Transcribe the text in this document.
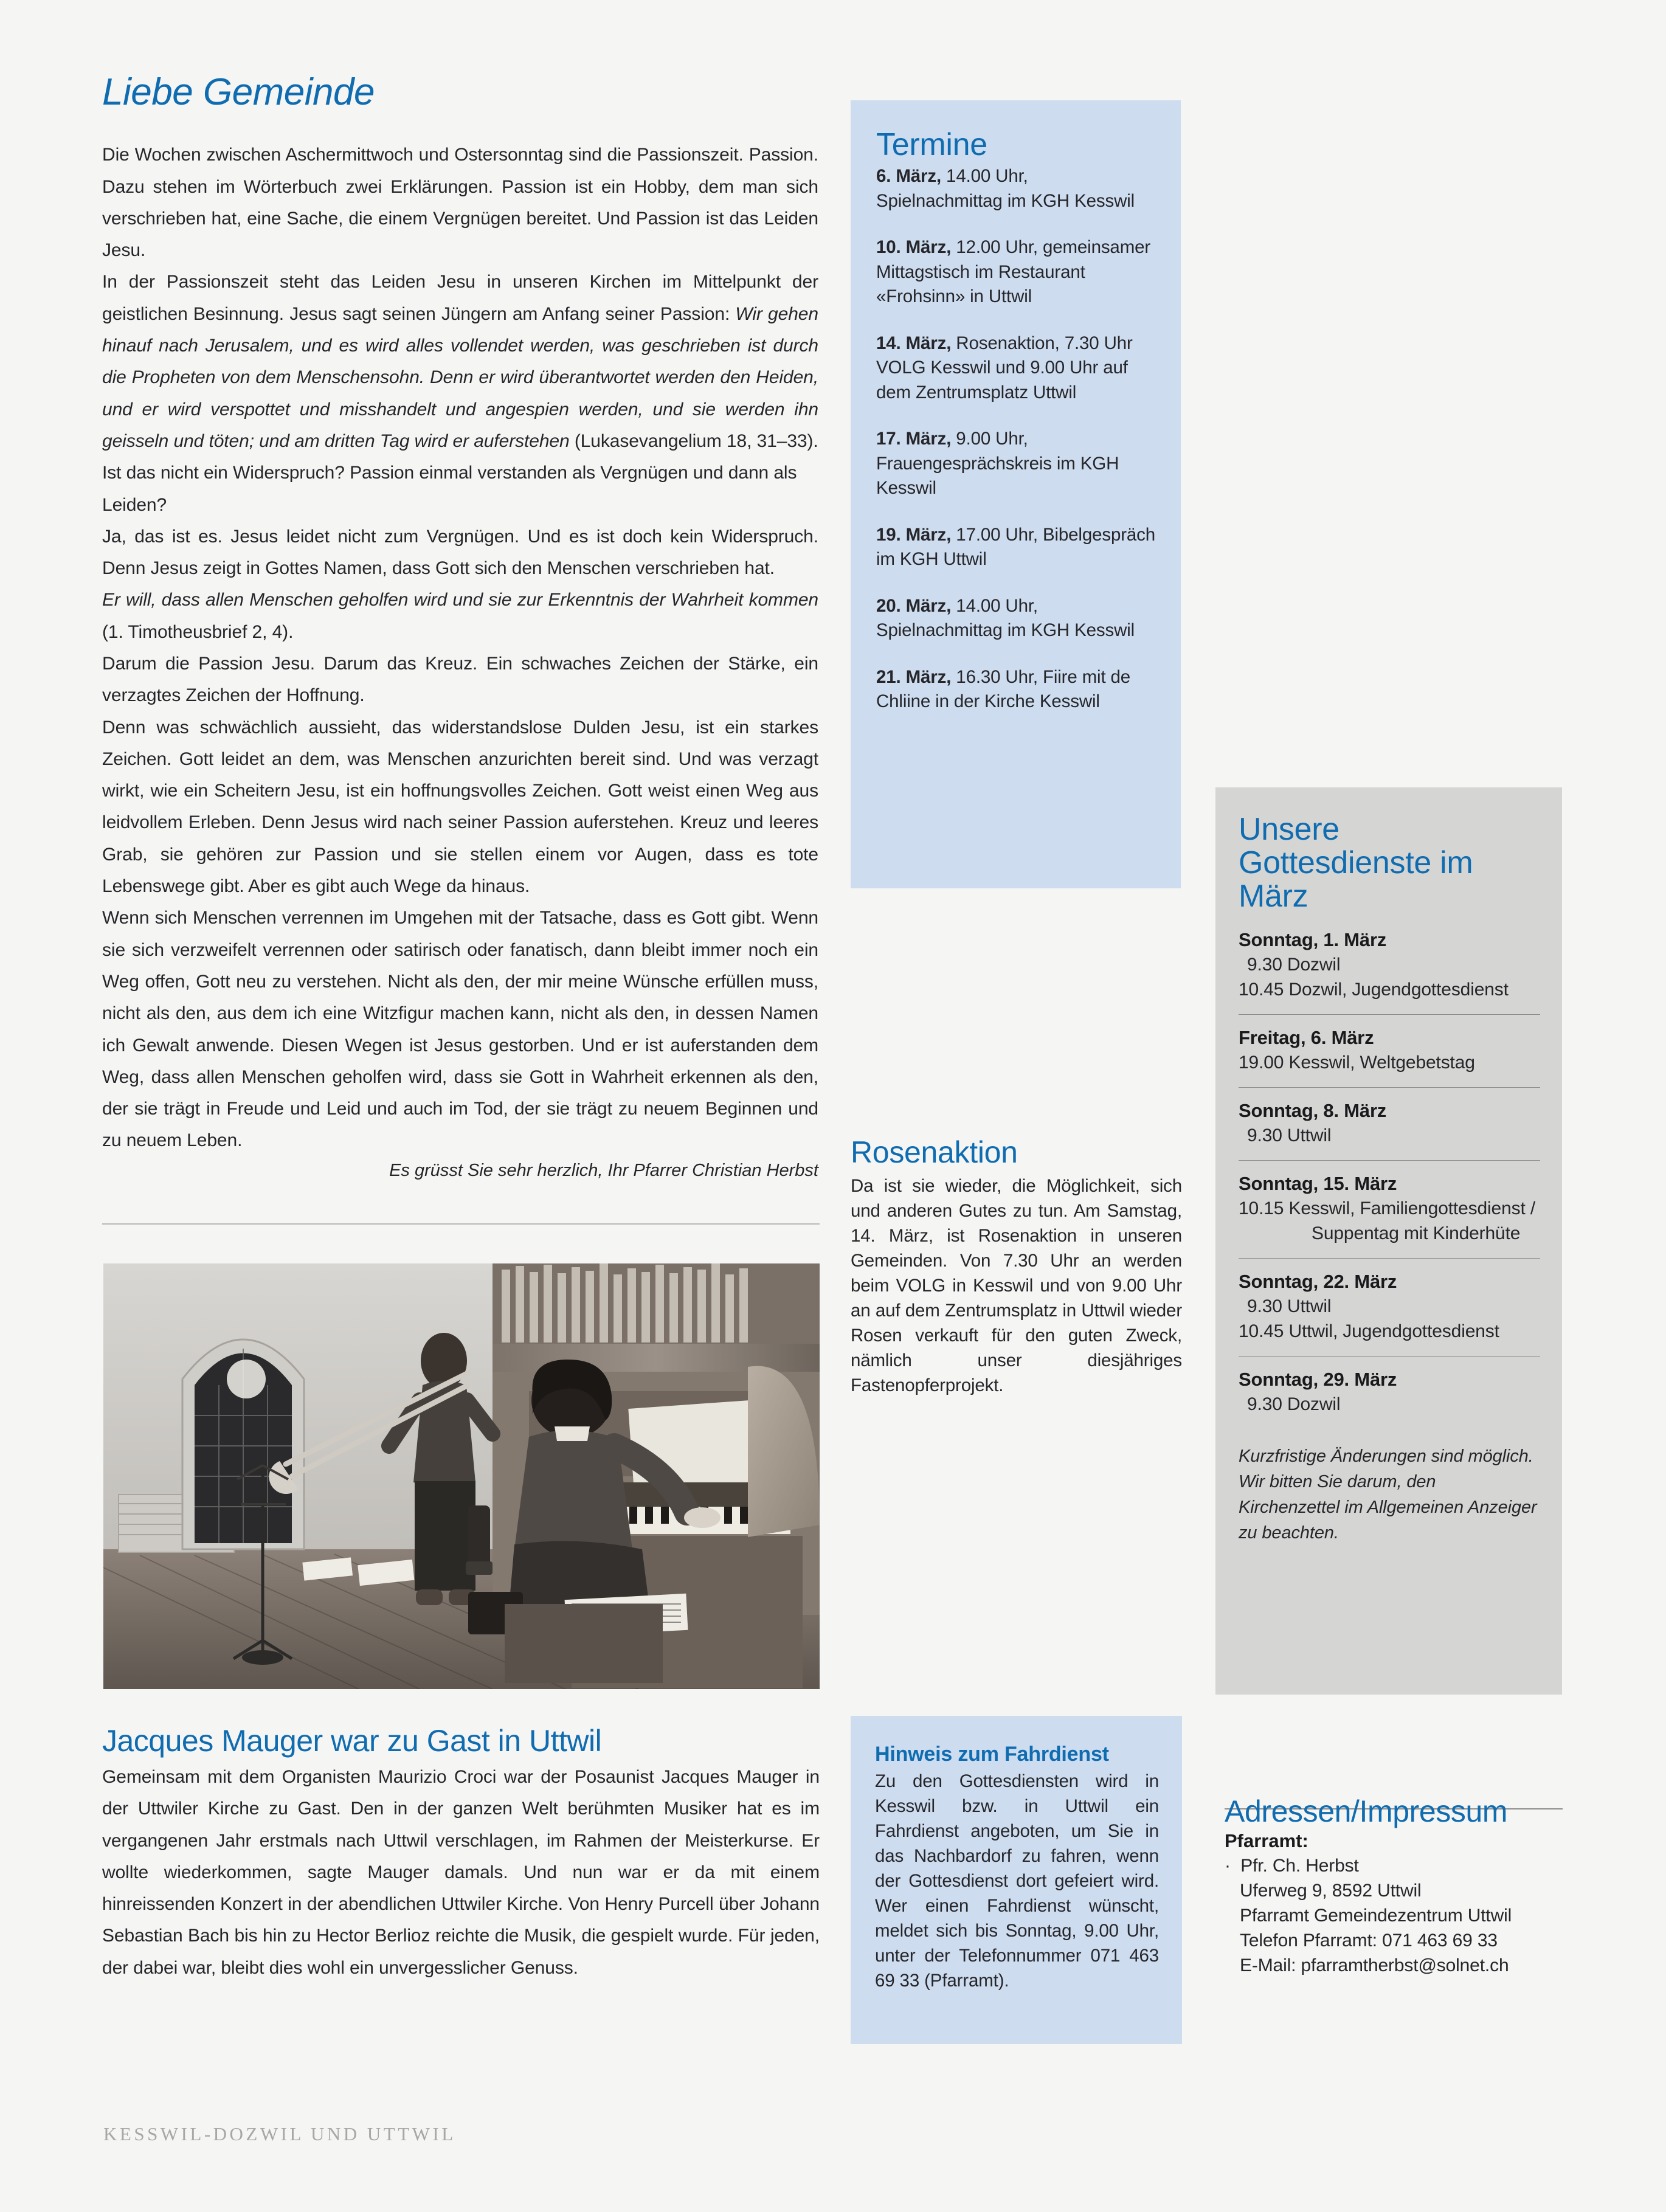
Liebe Gemeinde

Die Wochen zwischen Aschermittwoch und Ostersonntag sind die Passionszeit. Passion. Dazu stehen im Wörterbuch zwei Erklärungen. Passion ist ein Hobby, dem man sich verschrieben hat, eine Sache, die einem Vergnügen bereitet. Und Passion ist das Leiden Jesu.

In der Passionszeit steht das Leiden Jesu in unseren Kirchen im Mittelpunkt der geistlichen Besinnung. Jesus sagt seinen Jüngern am Anfang seiner Passion: Wir gehen hinauf nach Jerusalem, und es wird alles vollendet werden, was geschrieben ist durch die Propheten von dem Menschensohn. Denn er wird überantwortet werden den Heiden, und er wird verspottet und misshandelt und angespien werden, und sie werden ihn geisseln und töten; und am dritten Tag wird er auferstehen (Lukasevangelium 18, 31–33).

Ist das nicht ein Widerspruch? Passion einmal verstanden als Vergnügen und dann als Leiden?

Ja, das ist es. Jesus leidet nicht zum Vergnügen. Und es ist doch kein Widerspruch. Denn Jesus zeigt in Gottes Namen, dass Gott sich den Menschen verschrieben hat.

Er will, dass allen Menschen geholfen wird und sie zur Erkenntnis der Wahrheit kommen (1. Timotheusbrief 2, 4).

Darum die Passion Jesu. Darum das Kreuz. Ein schwaches Zeichen der Stärke, ein verzagtes Zeichen der Hoffnung.

Denn was schwächlich aussieht, das widerstandslose Dulden Jesu, ist ein starkes Zeichen. Gott leidet an dem, was Menschen anzurichten bereit sind. Und was verzagt wirkt, wie ein Scheitern Jesu, ist ein hoffnungsvolles Zeichen. Gott weist einen Weg aus leidvollem Erleben. Denn Jesus wird nach seiner Passion auferstehen. Kreuz und leeres Grab, sie gehören zur Passion und sie stellen einem vor Augen, dass es tote Lebenswege gibt. Aber es gibt auch Wege da hinaus.

Wenn sich Menschen verrennen im Umgehen mit der Tatsache, dass es Gott gibt. Wenn sie sich verzweifelt verrennen oder satirisch oder fanatisch, dann bleibt immer noch ein Weg offen, Gott neu zu verstehen. Nicht als den, der mir meine Wünsche erfüllen muss, nicht als den, aus dem ich eine Witzfigur machen kann, nicht als den, in dessen Namen ich Gewalt anwende. Diesen Wegen ist Jesus gestorben. Und er ist auferstanden dem Weg, dass allen Menschen geholfen wird, dass sie Gott in Wahrheit erkennen als den, der sie trägt in Freude und Leid und auch im Tod, der sie trägt zu neuem Beginnen und zu neuem Leben.

Es grüsst Sie sehr herzlich, Ihr Pfarrer Christian Herbst
Jacques Mauger war zu Gast in Uttwil

Gemeinsam mit dem Organisten Maurizio Croci war der Posaunist Jacques Mauger in der Uttwiler Kirche zu Gast. Den in der ganzen Welt berühmten Musiker hat es im vergangenen Jahr erstmals nach Uttwil verschlagen, im Rahmen der Meisterkurse. Er wollte wiederkommen, sagte Mauger damals. Und nun war er da mit einem hinreissenden Konzert in der abendlichen Uttwiler Kirche. Von Henry Purcell über Johann Sebastian Bach bis hin zu Hector Berlioz reichte die Musik, die gespielt wurde. Für jeden, der dabei war, bleibt dies wohl ein unvergesslicher Genuss.

KESSWIL-DOZWIL UND UTTWIL
Termine

6. März, 14.00 Uhr, Spielnachmittag im KGH Kesswil

10. März, 12.00 Uhr, gemeinsamer Mittagstisch im Restaurant «Frohsinn» in Uttwil

14. März, Rosenaktion, 7.30 Uhr VOLG Kesswil und 9.00 Uhr auf dem Zentrumsplatz Uttwil

17. März, 9.00 Uhr, Frauengesprächskreis im KGH Kesswil

19. März, 17.00 Uhr, Bibelgespräch im KGH Uttwil

20. März, 14.00 Uhr, Spielnachmittag im KGH Kesswil

21. März, 16.30 Uhr, Fiire mit de Chliine in der Kirche Kesswil

Rosenaktion

Da ist sie wieder, die Möglichkeit, sich und anderen Gutes zu tun. Am Samstag, 14. März, ist Rosenaktion in unseren Gemeinden. Von 7.30 Uhr an werden beim VOLG in Kesswil und von 9.00 Uhr an auf dem Zentrumsplatz in Uttwil wieder Rosen verkauft für den guten Zweck, nämlich unser diesjähriges Fastenopferprojekt.

Hinweis zum Fahrdienst

Zu den Gottesdiensten wird in Kesswil bzw. in Uttwil ein Fahrdienst angeboten, um Sie in das Nachbardorf zu fahren, wenn der Gottesdienst dort gefeiert wird. Wer einen Fahrdienst wünscht, meldet sich bis Sonntag, 9.00 Uhr, unter der Telefonnummer 071 463 69 33 (Pfarramt).

Unsere Gottesdienste im März

Sonntag, 1. März

9.30 Dozwil

10.45 Dozwil, Jugendgottesdienst

Freitag, 6. März

19.00 Kesswil, Weltgebetstag

Sonntag, 8. März

9.30 Uttwil

Sonntag, 15. März

10.15 Kesswil, Familiengottesdienst /

Suppentag mit Kinderhüte

Sonntag, 22. März

9.30 Uttwil

10.45 Uttwil, Jugendgottesdienst

Sonntag, 29. März

9.30 Dozwil

Kurzfristige Änderungen sind möglich. Wir bitten Sie darum, den Kirchenzettel im Allgemeinen Anzeiger zu beachten.

Adressen/Impressum

Pfarramt:

·  Pfr. Ch. Herbst

Uferweg 9, 8592 Uttwil

Pfarramt Gemeindezentrum Uttwil

Telefon Pfarramt: 071 463 69 33

E-Mail: pfarramtherbst@solnet.ch
